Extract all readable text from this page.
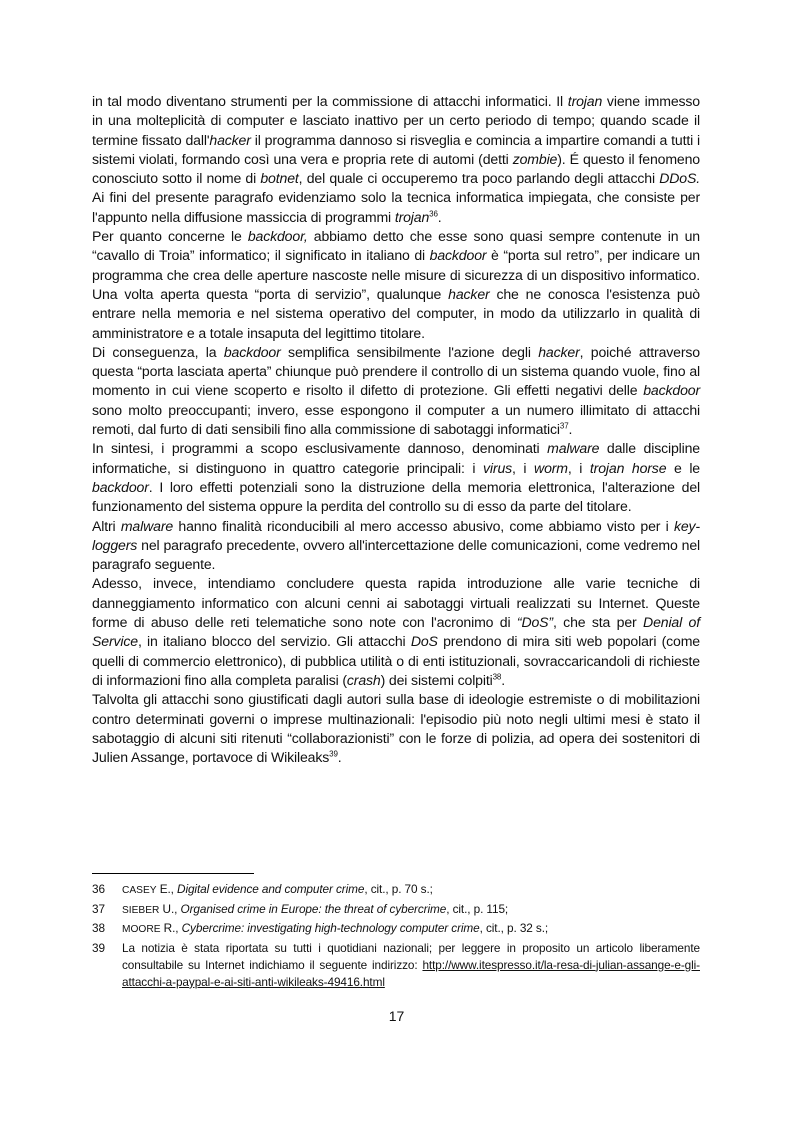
in tal modo diventano strumenti per la commissione di attacchi informatici. Il trojan viene immesso in una molteplicità di computer e lasciato inattivo per un certo periodo di tempo; quando scade il termine fissato dall'hacker il programma dannoso si risveglia e comincia a impartire comandi a tutti i sistemi violati, formando così una vera e propria rete di automi (detti zombie). É questo il fenomeno conosciuto sotto il nome di botnet, del quale ci occuperemo tra poco parlando degli attacchi DDoS. Ai fini del presente paragrafo evidenziamo solo la tecnica informatica impiegata, che consiste per l'appunto nella diffusione massiccia di programmi trojan$^{36}$.

Per quanto concerne le backdoor, abbiamo detto che esse sono quasi sempre contenute in un “cavallo di Troia” informatico; il significato in italiano di backdoor è “porta sul retro”, per indicare un programma che crea delle aperture nascoste nelle misure di sicurezza di un dispositivo informatico. Una volta aperta questa “porta di servizio”, qualunque hacker che ne conosca l'esistenza può entrare nella memoria e nel sistema operativo del computer, in modo da utilizzarlo in qualità di amministratore e a totale insaputa del legittimo titolare.

Di conseguenza, la backdoor semplifica sensibilmente l'azione degli hacker, poiché attraverso questa “porta lasciata aperta” chiunque può prendere il controllo di un sistema quando vuole, fino al momento in cui viene scoperto e risolto il difetto di protezione. Gli effetti negativi delle backdoor sono molto preoccupanti; invero, esse espongono il computer a un numero illimitato di attacchi remoti, dal furto di dati sensibili fino alla commissione di sabotaggi informatici$^{37}$.

In sintesi, i programmi a scopo esclusivamente dannoso, denominati malware dalle discipline informatiche, si distinguono in quattro categorie principali: i virus, i worm, i trojan horse e le backdoor. I loro effetti potenziali sono la distruzione della memoria elettronica, l'alterazione del funzionamento del sistema oppure la perdita del controllo su di esso da parte del titolare.

Altri malware hanno finalità riconducibili al mero accesso abusivo, come abbiamo visto per i key-loggers nel paragrafo precedente, ovvero all'intercettazione delle comunicazioni, come vedremo nel paragrafo seguente.

Adesso, invece, intendiamo concludere questa rapida introduzione alle varie tecniche di danneggiamento informatico con alcuni cenni ai sabotaggi virtuali realizzati su Internet. Queste forme di abuso delle reti telematiche sono note con l'acronimo di “DoS”, che sta per Denial of Service, in italiano blocco del servizio. Gli attacchi DoS prendono di mira siti web popolari (come quelli di commercio elettronico), di pubblica utilità o di enti istituzionali, sovraccaricandoli di richieste di informazioni fino alla completa paralisi (crash) dei sistemi colpiti$^{38}$.

Talvolta gli attacchi sono giustificati dagli autori sulla base di ideologie estremiste o di mobilitazioni contro determinati governi o imprese multinazionali: l'episodio più noto negli ultimi mesi è stato il sabotaggio di alcuni siti ritenuti “collaborazionisti” con le forze di polizia, ad opera dei sostenitori di Julien Assange, portavoce di Wikileaks$^{39}$.

36	CASEY E., Digital evidence and computer crime, cit., p. 70 s.;
37	SIEBER U., Organised crime in Europe: the threat of cybercrime, cit., p. 115;
38	MOORE R., Cybercrime: investigating high-technology computer crime, cit., p. 32 s.;
39	La notizia è stata riportata su tutti i quotidiani nazionali; per leggere in proposito un articolo liberamente consultabile su Internet indichiamo il seguente indirizzo: http://www.itespresso.it/la-resa-di-julian-assange-e-gli-attacchi-a-paypal-e-ai-siti-anti-wikileaks-49416.html
17
